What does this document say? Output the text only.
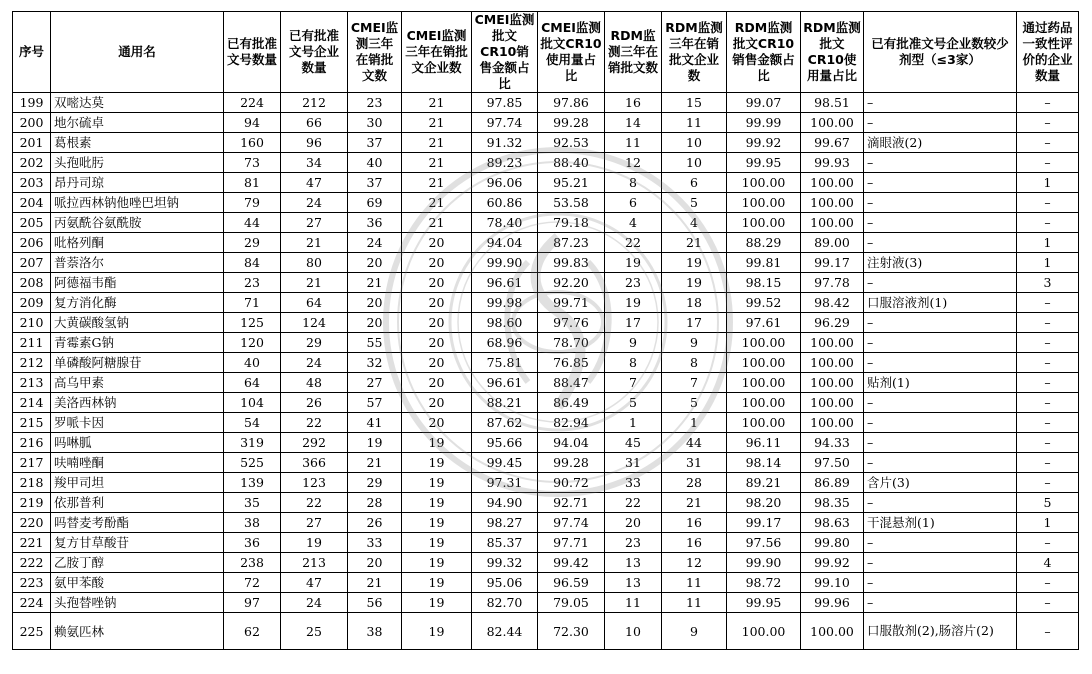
序号	通用名	已有批准文号数量	已有批准文号企业数量	CMEI监测三年在销批文数	CMEI监测三年在销批文企业数	CMEI监测批文CR10销售金额占比	CMEI监测批文CR10使用量占比	RDM监测三年在销批文数	RDM监测三年在销批文企业数	RDM监测批文CR10销售金额占比	RDM监测批文CR10使用量占比	已有批准文号企业数较少剂型（≤3家）	通过药品一致性评价的企业数量
199	双嘧达莫	224	212	23	21	97.85	97.86	16	15	99.07	98.51	–	–
200	地尔硫卓	94	66	30	21	97.74	99.28	14	11	99.99	100.00	–	–
201	葛根素	160	96	37	21	91.32	92.53	11	10	99.92	99.67	滴眼液(2)	–
202	头孢吡肟	73	34	40	21	89.23	88.40	12	10	99.95	99.93	–	–
203	昂丹司琼	81	47	37	21	96.06	95.21	8	6	100.00	100.00	–	1
204	哌拉西林钠他唑巴坦钠	79	24	69	21	60.86	53.58	6	5	100.00	100.00	–	–
205	丙氨酰谷氨酰胺	44	27	36	21	78.40	79.18	4	4	100.00	100.00	–	–
206	吡格列酮	29	21	24	20	94.04	87.23	22	21	88.29	89.00	–	1
207	普萘洛尔	84	80	20	20	99.90	99.83	19	19	99.81	99.17	注射液(3)	1
208	阿德福韦酯	23	21	21	20	96.61	92.20	23	19	98.15	97.78	–	3
209	复方消化酶	71	64	20	20	99.98	99.71	19	18	99.52	98.42	口服溶液剂(1)	–
210	大黄碳酸氢钠	125	124	20	20	98.60	97.76	17	17	97.61	96.29	–	–
211	青霉素G钠	120	29	55	20	68.96	78.70	9	9	100.00	100.00	–	–
212	单磷酸阿糖腺苷	40	24	32	20	75.81	76.85	8	8	100.00	100.00	–	–
213	高乌甲素	64	48	27	20	96.61	88.47	7	7	100.00	100.00	贴剂(1)	–
214	美洛西林钠	104	26	57	20	88.21	86.49	5	5	100.00	100.00	–	–
215	罗哌卡因	54	22	41	20	87.62	82.94	1	1	100.00	100.00	–	–
216	吗啉胍	319	292	19	19	95.66	94.04	45	44	96.11	94.33	–	–
217	呋喃唑酮	525	366	21	19	99.45	99.28	31	31	98.14	97.50	–	–
218	羧甲司坦	139	123	29	19	97.31	90.72	33	28	89.21	86.89	含片(3)	–
219	依那普利	35	22	28	19	94.90	92.71	22	21	98.20	98.35	–	5
220	吗替麦考酚酯	38	27	26	19	98.27	97.74	20	16	99.17	98.63	干混悬剂(1)	1
221	复方甘草酸苷	36	19	33	19	85.37	97.71	23	16	97.56	99.80	–	–
222	乙胺丁醇	238	213	20	19	99.32	99.42	13	12	99.90	99.92	–	4
223	氨甲苯酸	72	47	21	19	95.06	96.59	13	11	98.72	99.10	–	–
224	头孢替唑钠	97	24	56	19	82.70	79.05	11	11	99.95	99.96	–	–
225	赖氨匹林	62	25	38	19	82.44	72.30	10	9	100.00	100.00	口服散剂(2),肠溶片(2)	–
